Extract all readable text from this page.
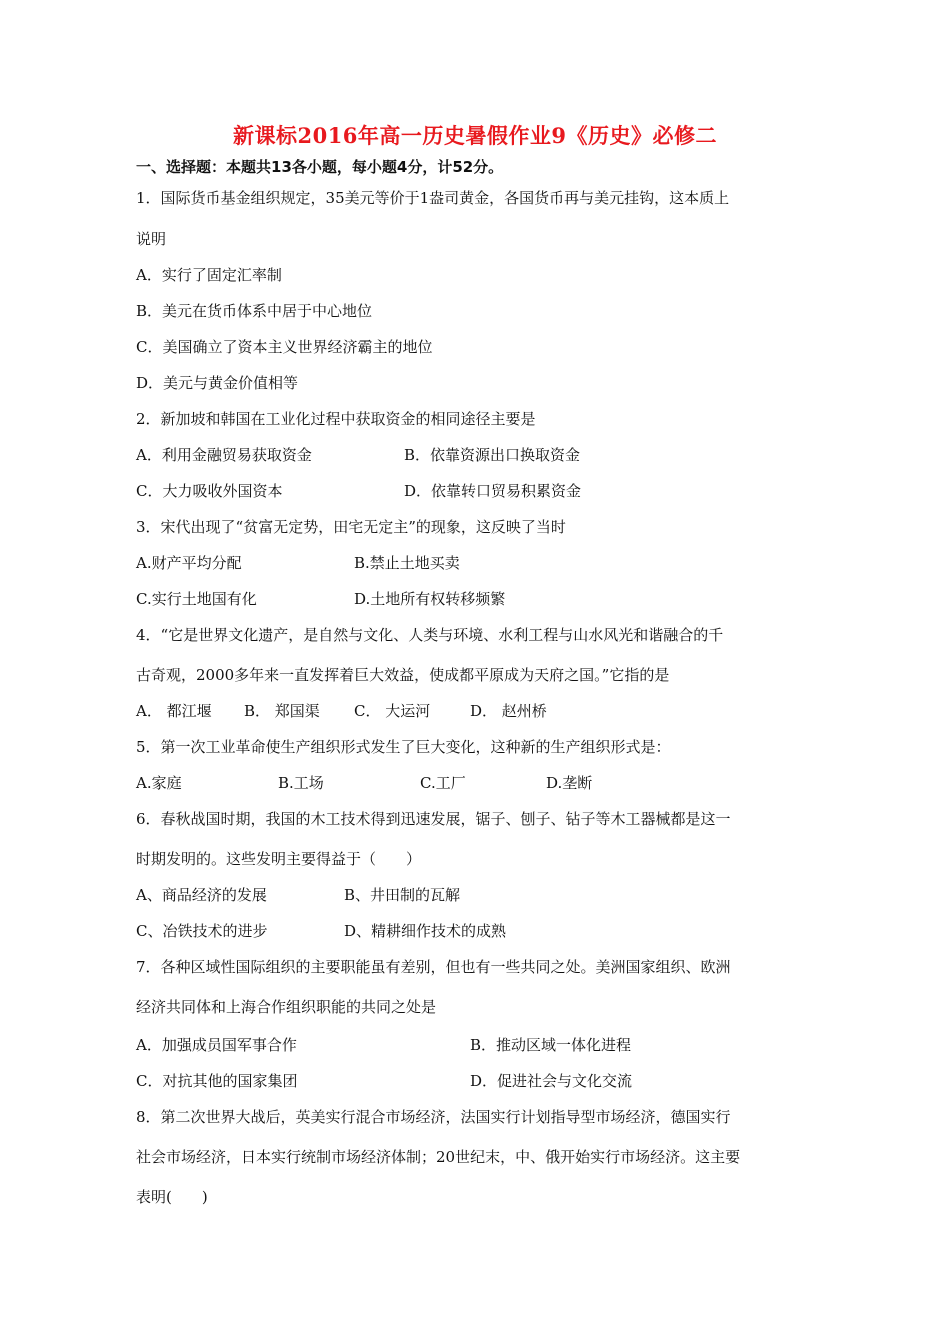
新课标2016年高一历史暑假作业9《历史》必修二
一、选择题：本题共13各小题，每小题4分，计52分。
1．国际货币基金组织规定，35美元等价于1盎司黄金，各国货币再与美元挂钩，这本质上
说明
A．实行了固定汇率制
B．美元在货币体系中居于中心地位
C．美国确立了资本主义世界经济霸主的地位
D．美元与黄金价值相等
2．新加坡和韩国在工业化过程中获取资金的相同途径主要是
A．利用金融贸易获取资金	B．依靠资源出口换取资金
C．大力吸收外国资本	D．依靠转口贸易积累资金
3．宋代出现了“贫富无定势，田宅无定主”的现象，这反映了当时
A.财产平均分配	B.禁止土地买卖
C.实行土地国有化	D.土地所有权转移频繁
4．“它是世界文化遗产，是自然与文化、人类与环境、水利工程与山水风光和谐融合的千
古奇观，2000多年来一直发挥着巨大效益，使成都平原成为天府之国。”它指的是
A． 都江堰 B． 郑国渠 C． 大运河	D． 赵州桥
5．第一次工业革命使生产组织形式发生了巨大变化，这种新的生产组织形式是：
A.家庭	B.工场	C.工厂	D.垄断
6．春秋战国时期，我国的木工技术得到迅速发展，锯子、刨子、钻子等木工器械都是这一
时期发明的。这些发明主要得益于（　　）
A、商品经济的发展	B、井田制的瓦解
C、冶铁技术的进步	D、精耕细作技术的成熟
7．各种区域性国际组织的主要职能虽有差别，但也有一些共同之处。美洲国家组织、欧洲
经济共同体和上海合作组织职能的共同之处是
A．加强成员国军事合作	B．推动区域一体化进程
C．对抗其他的国家集团	D．促进社会与文化交流
8．第二次世界大战后，英美实行混合市场经济，法国实行计划指导型市场经济，德国实行
社会市场经济，日本实行统制市场经济体制；20世纪末，中、俄开始实行市场经济。这主要
表明(　　)
